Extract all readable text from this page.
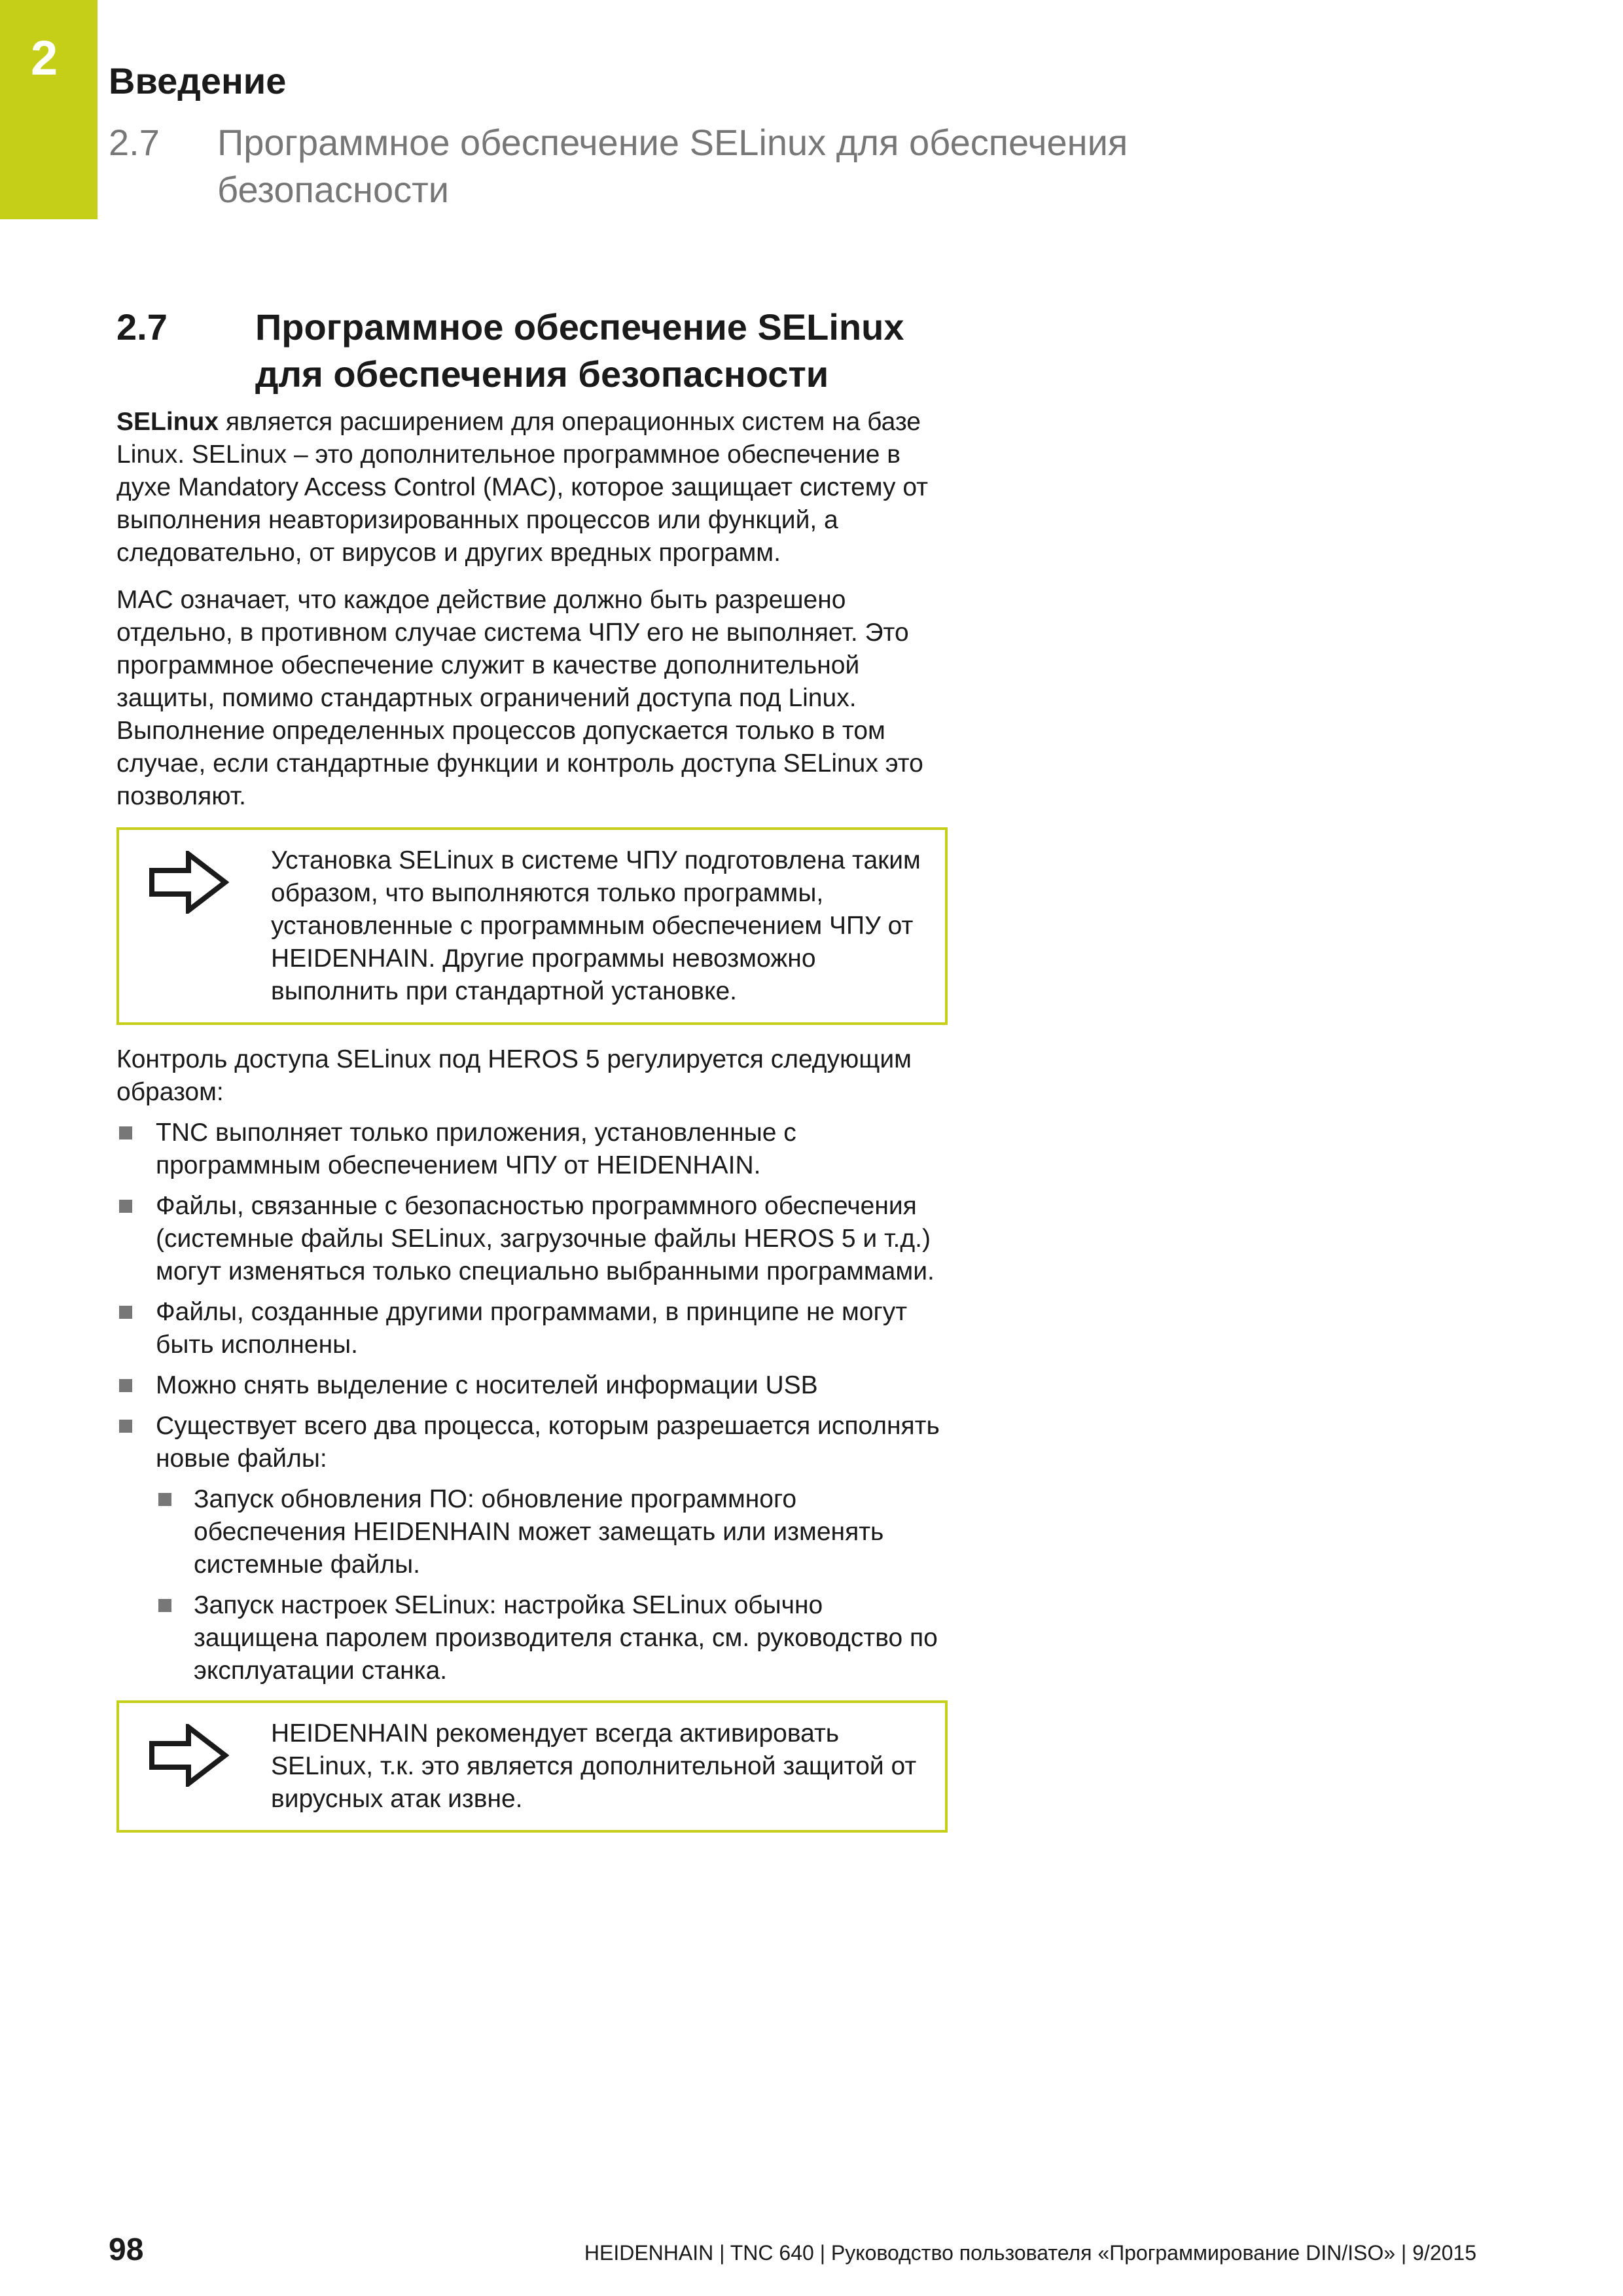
2 Введение
2.7 Программное обеспечение SELinux для обеспечения
безопасности
2.7 Программное обеспечение SELinux
для обеспечения безопасности

SELinux является расширением для операционных систем на базе Linux. SELinux – это дополнительное программное обеспечение в духе Mandatory Access Control (MAC), которое защищает систему от выполнения неавторизированных процессов или функций, а следовательно, от вирусов и других вредных программ.

MAC означает, что каждое действие должно быть разрешено отдельно, в противном случае система ЧПУ его не выполняет. Это программное обеспечение служит в качестве дополнительной защиты, помимо стандартных ограничений доступа под Linux. Выполнение определенных процессов допускается только в том случае, если стандартные функции и контроль доступа SELinux это позволяют.

Установка SELinux в системе ЧПУ подготовлена таким образом, что выполняются только программы, установленные с программным обеспечением ЧПУ от HEIDENHAIN. Другие программы невозможно выполнить при стандартной установке.

Контроль доступа SELinux под HEROS 5 регулируется следующим образом:

TNC выполняет только приложения, установленные с программным обеспечением ЧПУ от HEIDENHAIN.
Файлы, связанные с безопасностью программного обеспечения (системные файлы SELinux, загрузочные файлы HEROS 5 и т.д.) могут изменяться только специально выбранными программами.
Файлы, созданные другими программами, в принципе не могут быть исполнены.
Можно снять выделение с носителей информации USB
Существует всего два процесса, которым разрешается исполнять новые файлы:
Запуск обновления ПО: обновление программного обеспечения HEIDENHAIN может замещать или изменять системные файлы.
Запуск настроек SELinux: настройка SELinux обычно защищена паролем производителя станка, см. руководство по эксплуатации станка.

HEIDENHAIN рекомендует всегда активировать SELinux, т.к. это является дополнительной защитой от вирусных атак извне.

98	HEIDENHAIN | TNC 640 | Руководство пользователя «Программирование DIN/ISO» | 9/2015
